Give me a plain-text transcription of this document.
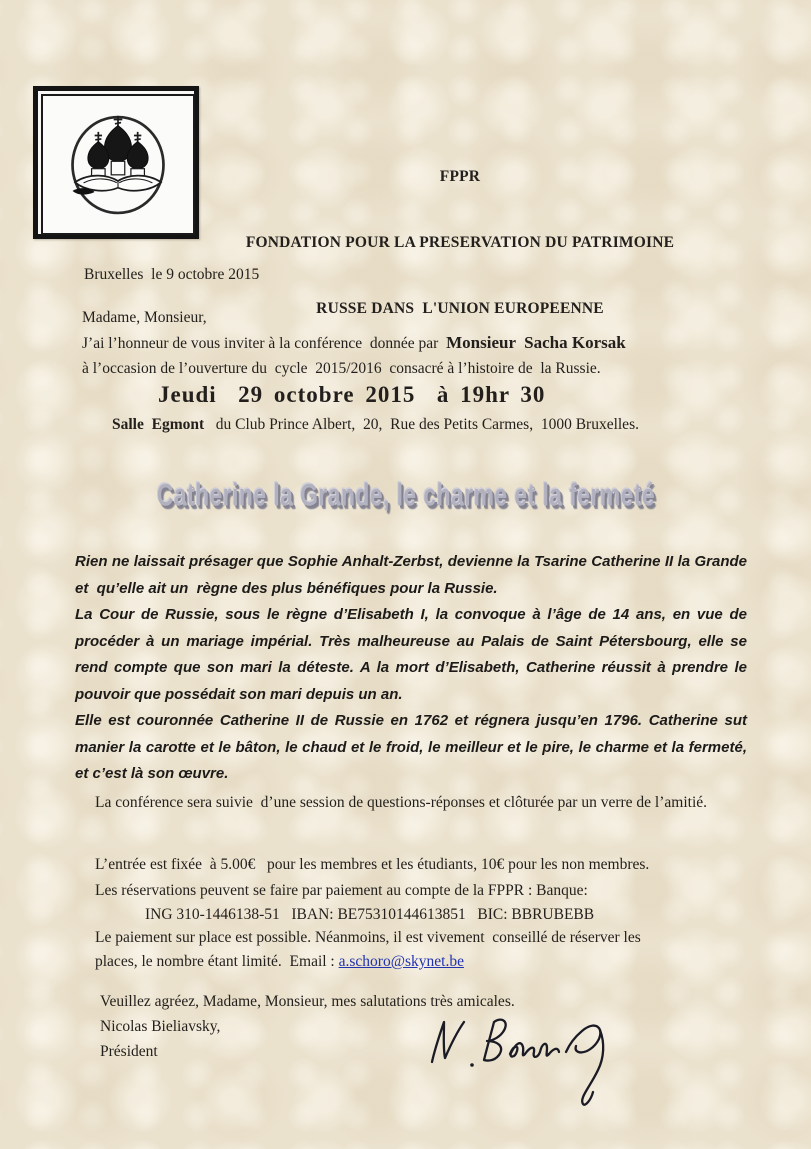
FPPR

FONDATION POUR LA PRESERVATION DU PATRIMOINE

RUSSE DANS  L'UNION EUROPEENNE

Bruxelles  le 9 octobre 2015
Madame, Monsieur,
J’ai l’honneur de vous inviter à la conférence  donnée par  Monsieur  Sacha Korsak
à l’occasion de l’ouverture du  cycle  2015/2016  consacré à l’histoire de  la Russie.
Jeudi  29 octobre 2015  à 19hr 30
Salle  Egmont   du Club Prince Albert,  20,  Rue des Petits Carmes,  1000 Bruxelles.
Catherine la Grande, le charme et la fermeté

Rien ne laissait présager que Sophie Anhalt-Zerbst, devienne la Tsarine Catherine II la Grande et  qu’elle ait un  règne des plus bénéfiques pour la Russie.

La Cour de Russie, sous le règne d’Elisabeth I, la convoque à l’âge de 14 ans, en vue de procéder à un mariage impérial. Très malheureuse au Palais de Saint Pétersbourg, elle se rend compte que son mari la déteste. A la mort d’Elisabeth, Catherine réussit à prendre le pouvoir que possédait son mari depuis un an.

Elle est couronnée Catherine II de Russie en 1762 et régnera jusqu’en 1796. Catherine sut manier la carotte et le bâton, le chaud et le froid, le meilleur et le pire, le charme et la fermeté, et c’est là son œuvre.

La conférence sera suivie  d’une session de questions-réponses et clôturée par un verre de l’amitié.
L’entrée est fixée  à 5.00€   pour les membres et les étudiants, 10€ pour les non membres.
Les réservations peuvent se faire par paiement au compte de la FPPR : Banque:
ING 310-1446138-51   IBAN: BE75310144613851   BIC: BBRUBEBB
Le paiement sur place est possible. Néanmoins, il est vivement  conseillé de réserver les
places, le nombre étant limité.  Email : a.schoro@skynet.be
Veuillez agréez, Madame, Monsieur, mes salutations très amicales.
Nicolas Bieliavsky,
Président
